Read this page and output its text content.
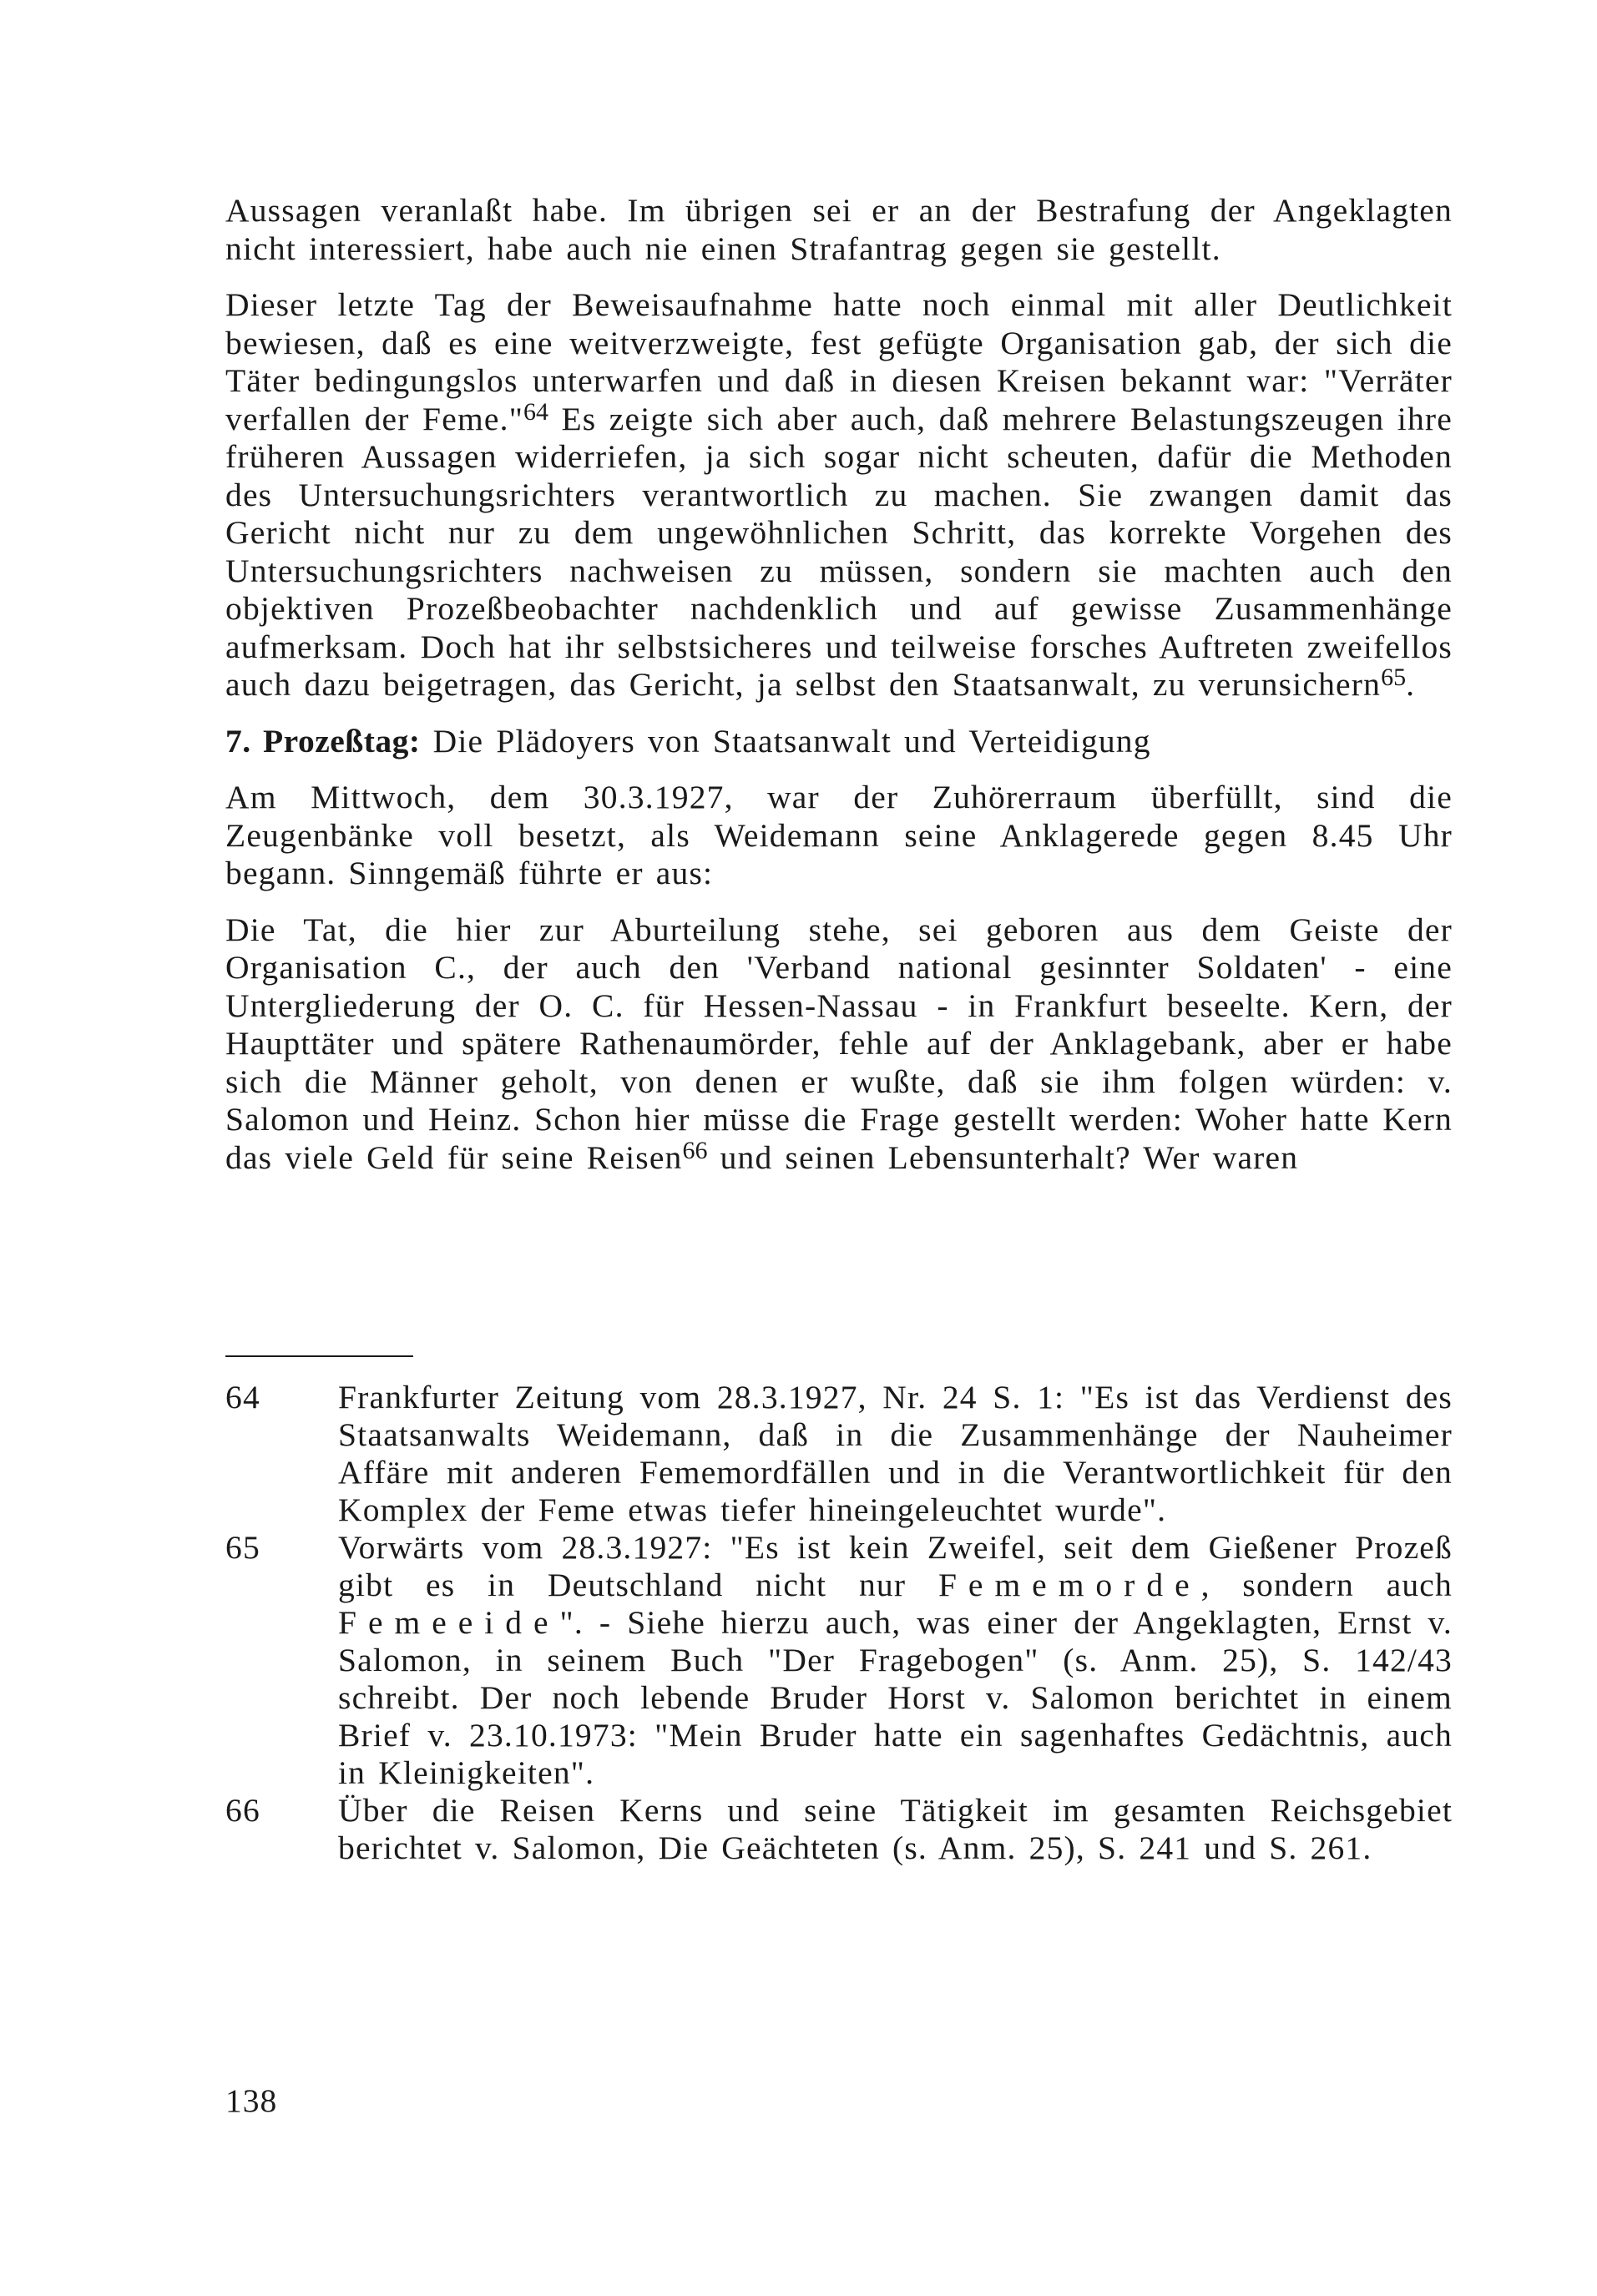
Aussagen veranlaßt habe. Im übrigen sei er an der Bestrafung der Angeklagten nicht interessiert, habe auch nie einen Strafantrag gegen sie gestellt.

Dieser letzte Tag der Beweisaufnahme hatte noch einmal mit aller Deutlichkeit bewiesen, daß es eine weitverzweigte, fest gefügte Organisation gab, der sich die Täter bedingungslos unterwarfen und daß in diesen Kreisen bekannt war: "Verräter verfallen der Feme."$^{64}$ Es zeigte sich aber auch, daß mehrere Belastungszeugen ihre früheren Aussagen widerriefen, ja sich sogar nicht scheuten, dafür die Methoden des Untersuchungsrichters verantwortlich zu machen. Sie zwangen damit das Gericht nicht nur zu dem ungewöhnlichen Schritt, das korrekte Vorgehen des Untersuchungsrichters nachweisen zu müssen, sondern sie machten auch den objektiven Prozeßbeobachter nachdenklich und auf gewisse Zusammenhänge aufmerksam. Doch hat ihr selbstsicheres und teilweise forsches Auftreten zweifellos auch dazu beigetragen, das Gericht, ja selbst den Staatsanwalt, zu verunsichern$^{65}$.

7. Prozeßtag: Die Plädoyers von Staatsanwalt und Verteidigung

Am Mittwoch, dem 30.3.1927, war der Zuhörerraum überfüllt, sind die Zeugenbänke voll besetzt, als Weidemann seine Anklagerede gegen 8.45 Uhr begann. Sinngemäß führte er aus:

Die Tat, die hier zur Aburteilung stehe, sei geboren aus dem Geiste der Organisation C., der auch den 'Verband national gesinnter Soldaten' - eine Untergliederung der O. C. für Hessen-Nassau - in Frankfurt beseelte. Kern, der Haupttäter und spätere Rathenaumörder, fehle auf der Anklagebank, aber er habe sich die Männer geholt, von denen er wußte, daß sie ihm folgen würden: v. Salomon und Heinz. Schon hier müsse die Frage gestellt werden: Woher hatte Kern das viele Geld für seine Reisen$^{66}$ und seinen Lebensunterhalt? Wer waren

64	Frankfurter Zeitung vom 28.3.1927, Nr. 24 S. 1: "Es ist das Verdienst des Staatsanwalts Weidemann, daß in die Zusammenhänge der Nauheimer Affäre mit anderen Fememordfällen und in die Verantwortlichkeit für den Komplex der Feme etwas tiefer hineingeleuchtet wurde".
65	Vorwärts vom 28.3.1927: "Es ist kein Zweifel, seit dem Gießener Prozeß gibt es in Deutschland nicht nur Fememorde, sondern auch Femeeide". - Siehe hierzu auch, was einer der Angeklagten, Ernst v. Salomon, in seinem Buch "Der Fragebogen" (s. Anm. 25), S. 142/43 schreibt. Der noch lebende Bruder Horst v. Salomon berichtet in einem Brief v. 23.10.1973: "Mein Bruder hatte ein sagenhaftes Gedächtnis, auch in Kleinigkeiten".
66	Über die Reisen Kerns und seine Tätigkeit im gesamten Reichsgebiet berichtet v. Salomon, Die Geächteten (s. Anm. 25), S. 241 und S. 261.
138
